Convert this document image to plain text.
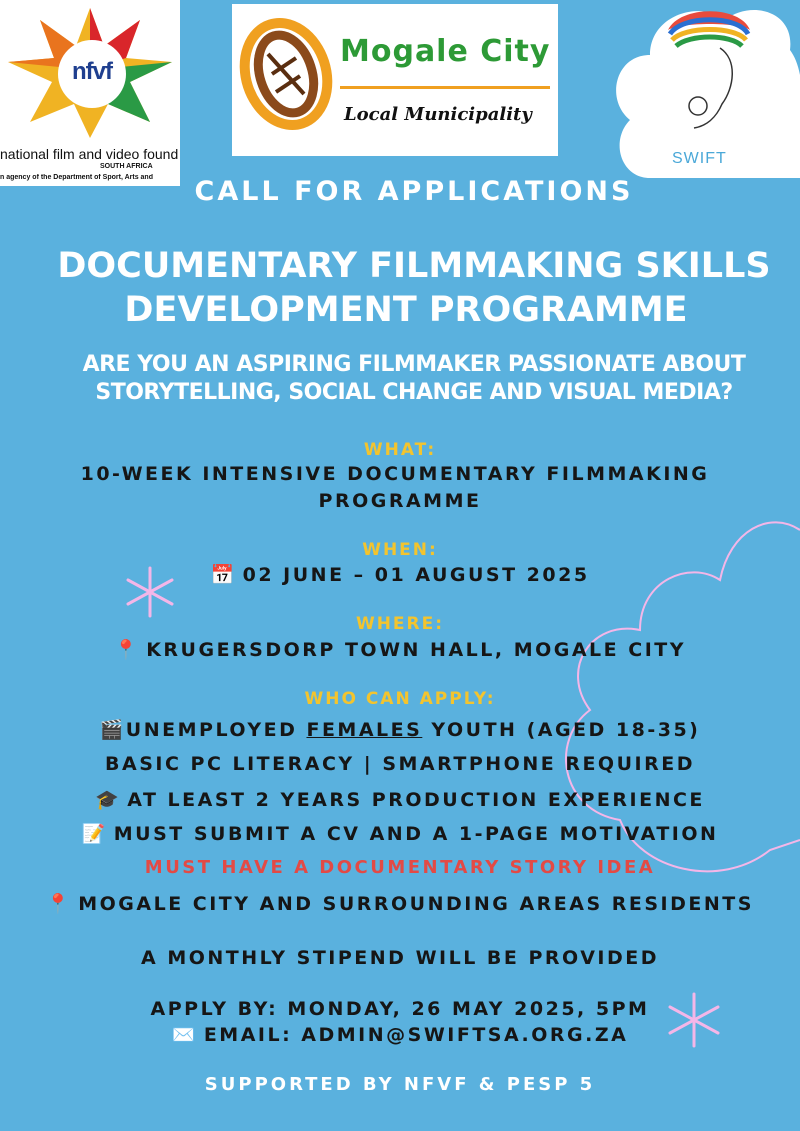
nfvf
national film and video found
SOUTH AFRICA
n agency of the Department of Sport, Arts and
Mogale City
Local Municipality
SWIFT
CALL FOR APPLICATIONS
DOCUMENTARY FILMMAKING SKILLS
DEVELOPMENT PROGRAMME
ARE YOU AN ASPIRING FILMMAKER PASSIONATE ABOUT
STORYTELLING, SOCIAL CHANGE AND VISUAL MEDIA?
WHAT:
10-WEEK INTENSIVE DOCUMENTARY FILMMAKING
PROGRAMME
WHEN:
📅 02 JUNE – 01 AUGUST 2025
WHERE:
📍 KRUGERSDORP TOWN HALL, MOGALE CITY
WHO CAN APPLY:
🎬UNEMPLOYED FEMALES YOUTH (AGED 18-35)
BASIC PC LITERACY | SMARTPHONE REQUIRED
🎓 AT LEAST 2 YEARS PRODUCTION EXPERIENCE
📝 MUST SUBMIT A CV AND A 1-PAGE MOTIVATION
MUST HAVE A DOCUMENTARY STORY IDEA
📍 MOGALE CITY AND SURROUNDING AREAS RESIDENTS
A MONTHLY STIPEND WILL BE PROVIDED
APPLY BY: MONDAY, 26 MAY 2025, 5PM
✉️ EMAIL: ADMIN@SWIFTSA.ORG.ZA
SUPPORTED BY NFVF & PESP 5
